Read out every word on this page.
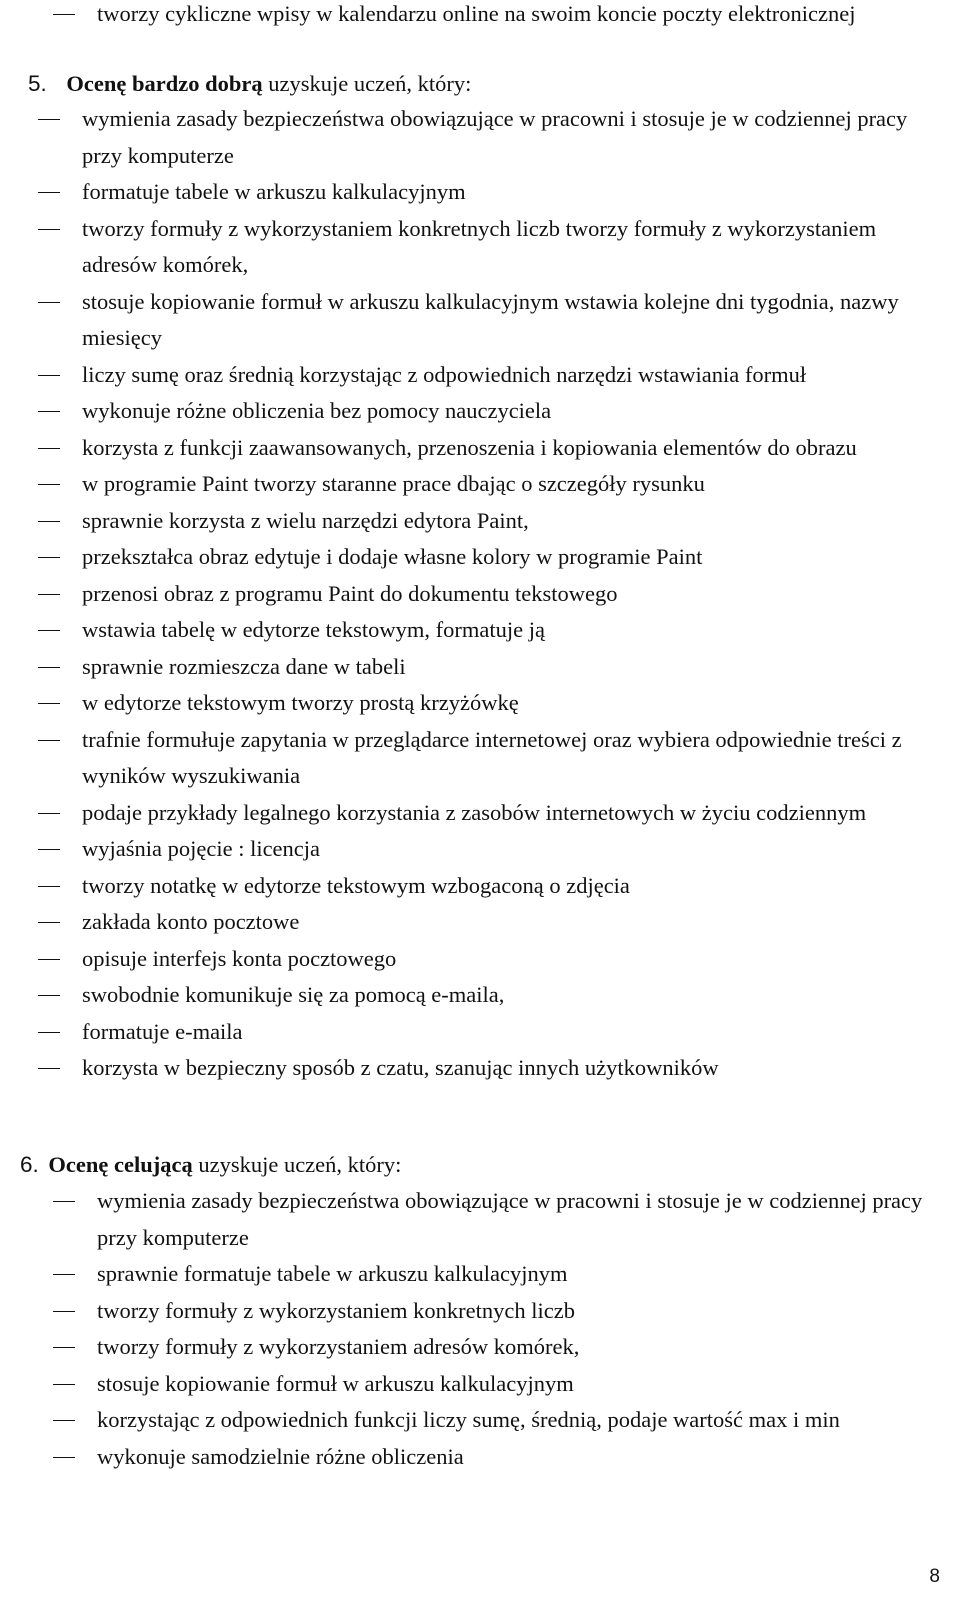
tworzy cykliczne wpisy w kalendarzu online na swoim koncie poczty elektronicznej
5. Ocenę bardzo dobrą uzyskuje uczeń, który:
wymienia zasady bezpieczeństwa obowiązujące w pracowni i stosuje je w codziennej pracy przy komputerze
formatuje tabele w arkuszu kalkulacyjnym
tworzy formuły z wykorzystaniem konkretnych liczb tworzy formuły z wykorzystaniem adresów komórek,
stosuje kopiowanie formuł w arkuszu kalkulacyjnym wstawia kolejne dni tygodnia, nazwy miesięcy
liczy sumę oraz średnią korzystając z odpowiednich narzędzi wstawiania formuł
wykonuje różne obliczenia bez pomocy nauczyciela
korzysta z funkcji zaawansowanych, przenoszenia i kopiowania elementów do obrazu
w programie Paint tworzy staranne prace dbając o szczegóły rysunku
sprawnie korzysta z wielu narzędzi edytora Paint,
przekształca obraz edytuje i dodaje własne kolory w programie Paint
przenosi obraz z programu Paint do dokumentu tekstowego
wstawia tabelę w edytorze tekstowym, formatuje ją
sprawnie rozmieszcza dane w tabeli
w edytorze tekstowym tworzy prostą krzyżówkę
trafnie formułuje zapytania w przeglądarce internetowej oraz wybiera odpowiednie treści z wyników wyszukiwania
podaje przykłady legalnego korzystania z zasobów internetowych w życiu codziennym
wyjaśnia pojęcie : licencja
tworzy notatkę w edytorze tekstowym wzbogaconą o zdjęcia
zakłada konto pocztowe
opisuje interfejs konta pocztowego
swobodnie komunikuje się za pomocą e-maila,
formatuje e-maila
korzysta w bezpieczny sposób z czatu, szanując innych użytkowników
6. Ocenę celującą uzyskuje uczeń, który:
wymienia zasady bezpieczeństwa obowiązujące w pracowni i stosuje je w codziennej pracy przy komputerze
sprawnie formatuje tabele w arkuszu kalkulacyjnym
tworzy formuły z wykorzystaniem konkretnych liczb
tworzy formuły z wykorzystaniem adresów komórek,
stosuje kopiowanie formuł w arkuszu kalkulacyjnym
korzystając z odpowiednich funkcji liczy sumę, średnią, podaje wartość max i min
wykonuje samodzielnie różne obliczenia
8
